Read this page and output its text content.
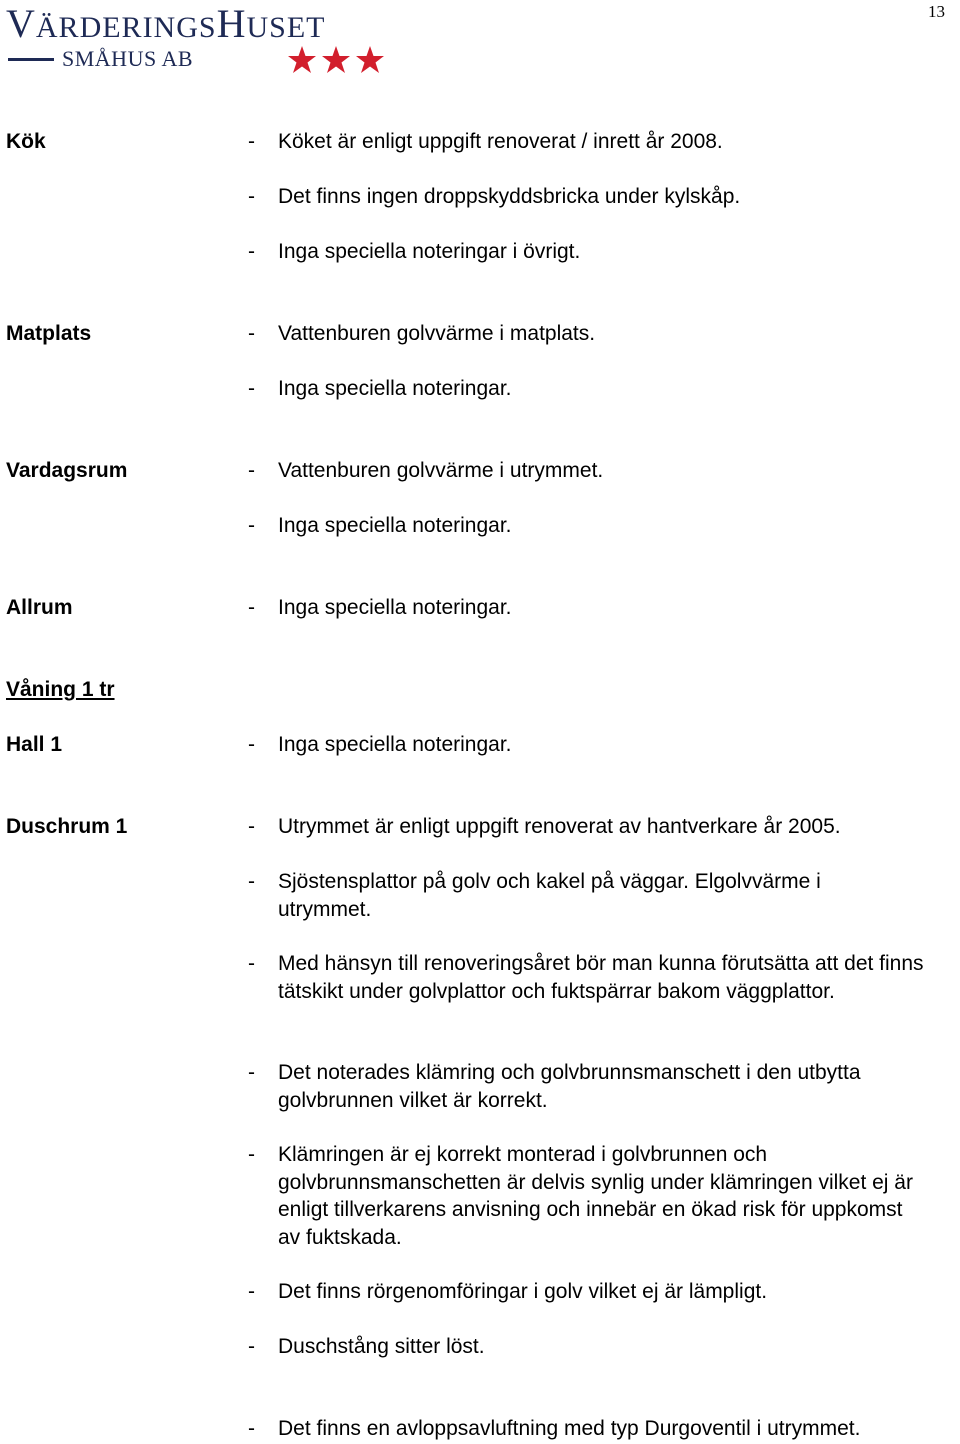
VÄRDERINGSHUSET
SMÅHUS AB
13
Kök	- Köket är enligt uppgift renoverat / inrett år 2008.
- Det finns ingen droppskyddsbricka under kylskåp.
- Inga speciella noteringar i övrigt.
Matplats	- Vattenburen golvvärme i matplats.
- Inga speciella noteringar.
Vardagsrum	- Vattenburen golvvärme i utrymmet.
- Inga speciella noteringar.
Allrum	- Inga speciella noteringar.
Våning 1 tr
Hall 1	- Inga speciella noteringar.
Duschrum 1	- Utrymmet är enligt uppgift renoverat av hantverkare år 2005.
- Sjöstensplattor på golv och kakel på väggar. Elgolvvärme i utrymmet.
- Med hänsyn till renoveringsåret bör man kunna förutsätta att det finns tätskikt under golvplattor och fuktspärrar bakom väggplattor.
- Det noterades klämring och golvbrunnsmanschett i den utbytta golvbrunnen vilket är korrekt.
- Klämringen är ej korrekt monterad i golvbrunnen och golvbrunnsmanschetten är delvis synlig under klämringen vilket ej är enligt tillverkarens anvisning och innebär en ökad risk för uppkomst av fuktskada.
- Det finns rörgenomföringar i golv vilket ej är lämpligt.
- Duschstång sitter löst.
- Det finns en avloppsavluftning med typ Durgoventil i utrymmet.
